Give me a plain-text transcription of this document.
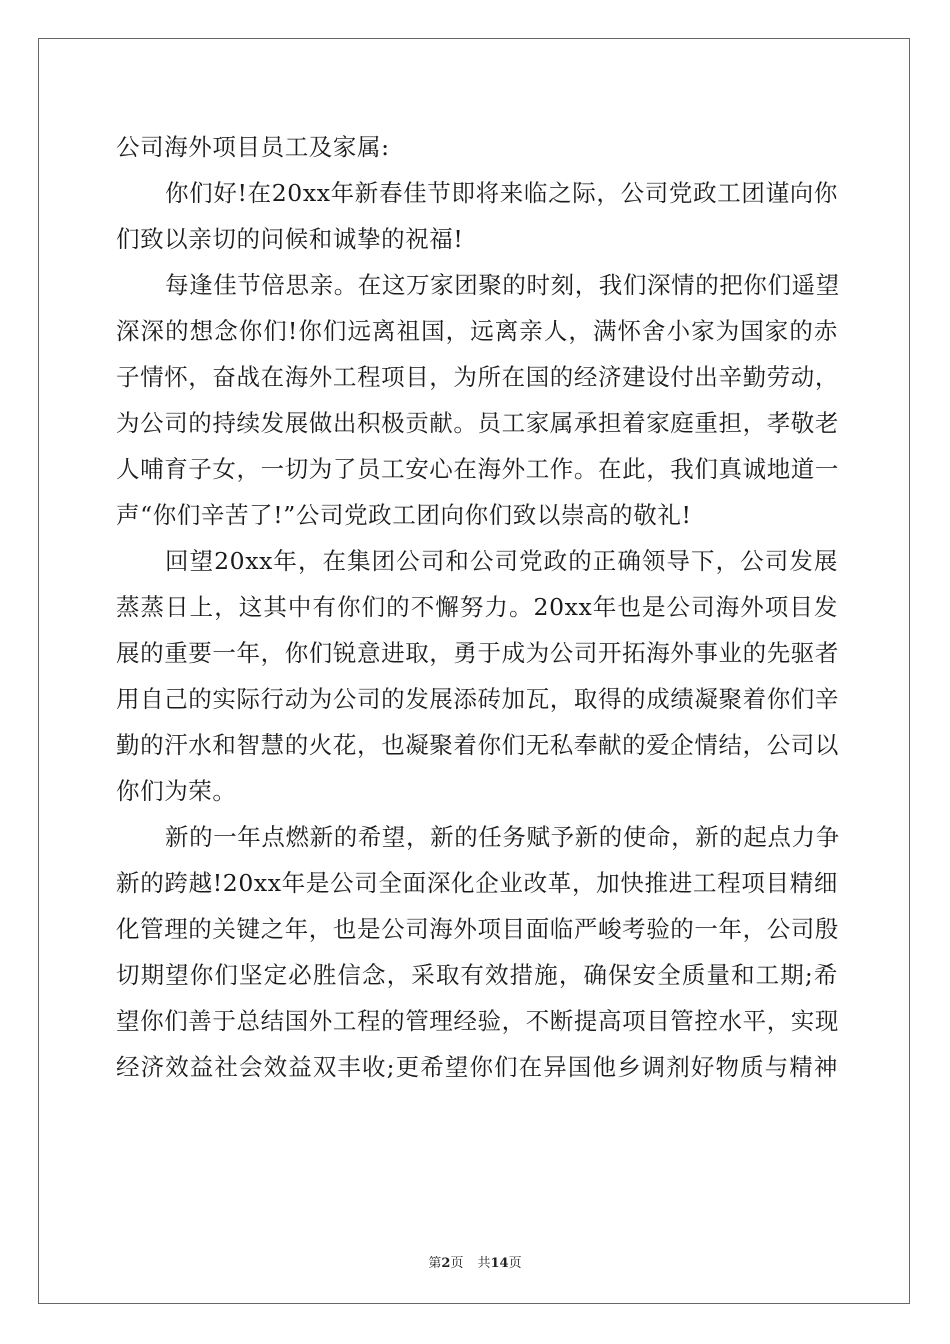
公司海外项目员工及家属:
你们好!在20xx年新春佳节即将来临之际，公司党政工团谨向你
们致以亲切的问候和诚挚的祝福!
每逢佳节倍思亲。在这万家团聚的时刻，我们深情的把你们遥望
深深的想念你们!你们远离祖国，远离亲人，满怀舍小家为国家的赤
子情怀，奋战在海外工程项目，为所在国的经济建设付出辛勤劳动，
为公司的持续发展做出积极贡献。员工家属承担着家庭重担，孝敬老
人哺育子女，一切为了员工安心在海外工作。在此，我们真诚地道一
声“你们辛苦了!”公司党政工团向你们致以崇高的敬礼!
回望20xx年，在集团公司和公司党政的正确领导下，公司发展
蒸蒸日上，这其中有你们的不懈努力。20xx年也是公司海外项目发
展的重要一年，你们锐意进取，勇于成为公司开拓海外事业的先驱者
用自己的实际行动为公司的发展添砖加瓦，取得的成绩凝聚着你们辛
勤的汗水和智慧的火花，也凝聚着你们无私奉献的爱企情结，公司以
你们为荣。
新的一年点燃新的希望，新的任务赋予新的使命，新的起点力争
新的跨越!20xx年是公司全面深化企业改革，加快推进工程项目精细
化管理的关键之年，也是公司海外项目面临严峻考验的一年，公司殷
切期望你们坚定必胜信念，采取有效措施，确保安全质量和工期;希
望你们善于总结国外工程的管理经验，不断提高项目管控水平，实现
经济效益社会效益双丰收;更希望你们在异国他乡调剂好物质与精神
第2页 共14页
